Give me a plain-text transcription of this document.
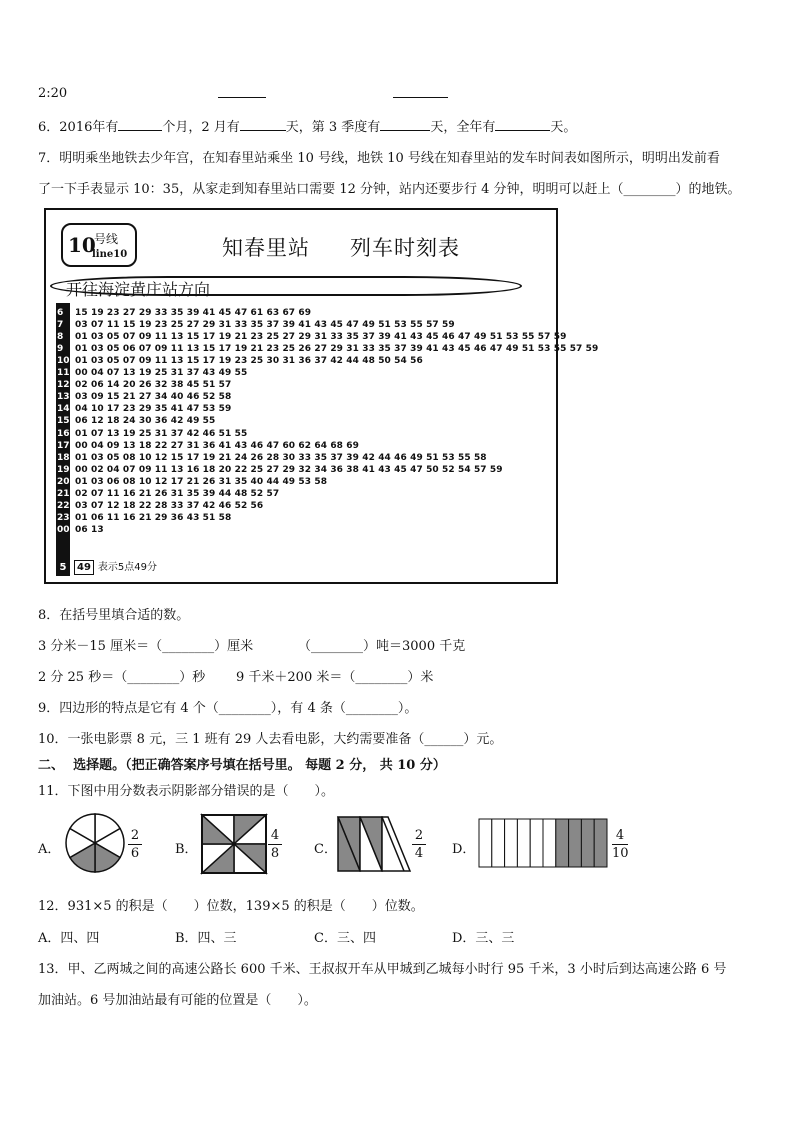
2:20
6．2016年有	个月，2 月有	天，第 3 季度有	天，全年有	天。
7．明明乘坐地铁去少年宫，在知春里站乘坐 10 号线，地铁 10 号线在知春里站的发车时间表如图所示，明明出发前看
了一下手表显示 10：35，从家走到知春里站口需要 12 分钟，站内还要步行 4 分钟，明明可以赶上（________）的地铁。
10
号线
line10	知春里站 列车时刻表
开往海淀黄庄站方向
6 15 19 23 27 29 33 35 39 41 45 47 61 63 67 69
7 03 07 11 15 19 23 25 27 29 31 33 35 37 39 41 43 45 47 49 51 53 55 57 59
8 01 03 05 07 09 11 13 15 17 19 21 23 25 27 29 31 33 35 37 39 41 43 45 46 47 49 51 53 55 57 59
9 01 03 05 06 07 09 11 13 15 17 19 21 23 25 26 27 29 31 33 35 37 39 41 43 45 46 47 49 51 53 55 57 59
10 01 03 05 07 09 11 13 15 17 19 23 25 30 31 36 37 42 44 48 50 54 56
11 00 04 07 13 19 25 31 37 43 49 55
12 02 06 14 20 26 32 38 45 51 57
13 03 09 15 21 27 34 40 46 52 58
14 04 10 17 23 29 35 41 47 53 59
15 06 12 18 24 30 36 42 49 55
16 01 07 13 19 25 31 37 42 46 51 55
17 00 04 09 13 18 22 27 31 36 41 43 46 47 60 62 64 68 69
18 01 03 05 08 10 12 15 17 19 21 24 26 28 30 33 35 37 39 42 44 46 49 51 53 55 58
19 00 02 04 07 09 11 13 16 18 20 22 25 27 29 32 34 36 38 41 43 45 47 50 52 54 57 59
20 01 03 06 08 10 12 17 21 26 31 35 40 44 49 53 58
21 02 07 11 16 21 26 31 35 39 44 48 52 57
22 03 07 12 18 22 28 33 37 42 46 52 56
23 01 06 11 16 21 29 36 43 51 58
00 06 13
5 49 表示5点49分
8．在括号里填合适的数。
3 分米－15 厘米＝（________）厘米	（________）吨＝3000 千克
2 分 25 秒＝（________）秒 9 千米＋200 米＝（________）米
9．四边形的特点是它有 4 个（________），有 4 条（________）。
10．一张电影票 8 元，三 1 班有 29 人去看电影，大约需要准备（______）元。
二、 选择题。（把正确答案序号填在括号里。 每题 2 分， 共 10 分）
11．下图中用分数表示阴影部分错误的是（　　）。
A．
2
6	B．
4
8	C．
2
4 D．
4
10
12．931×5 的积是（　　）位数，139×5 的积是（　　）位数。
A．四、四	B．四、三	C．三、四	D．三、三
13．甲、乙两城之间的高速公路长 600 千米、王叔叔开车从甲城到乙城每小时行 95 千米，3 小时后到达高速公路 6 号
加油站。6 号加油站最有可能的位置是（　　）。
